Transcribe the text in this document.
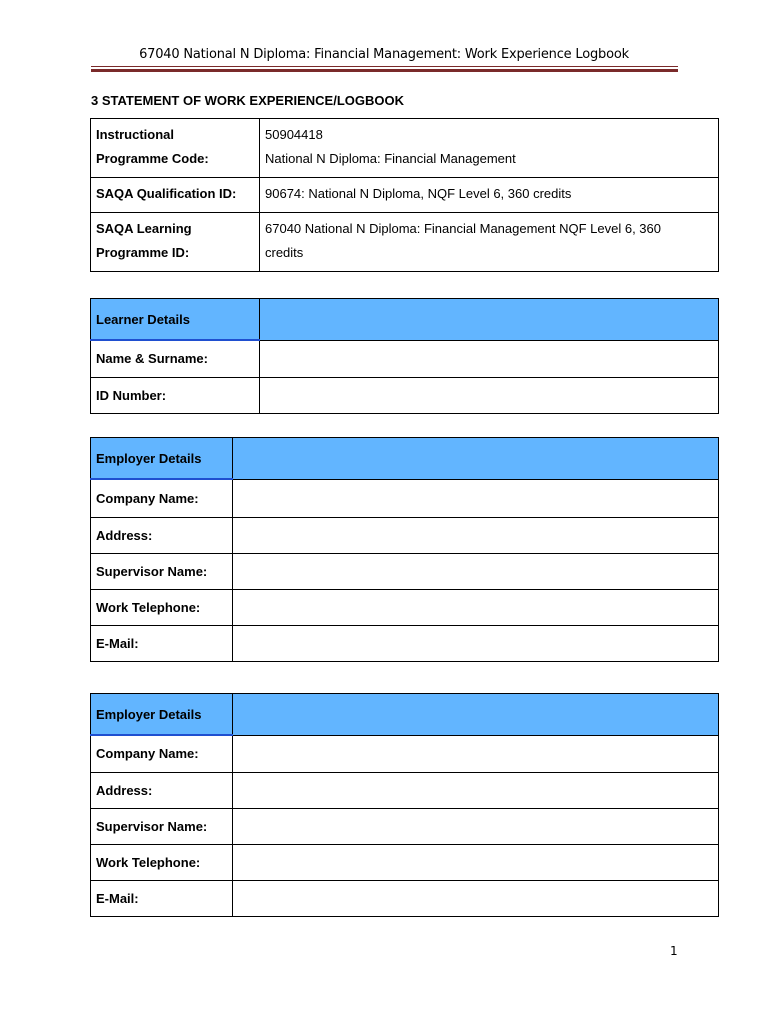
67040 National N Diploma: Financial Management: Work Experience Logbook
3 STATEMENT OF WORK EXPERIENCE/LOGBOOK
Instructional
Programme Code:	50904418
National N Diploma: Financial Management

SAQA Qualification ID:	90674: National N Diploma, NQF Level 6, 360 credits

SAQA Learning
Programme ID:	67040 National N Diploma: Financial Management NQF Level 6, 360
credits
Learner Details	
Name & Surname:	
ID Number:	
Employer Details	
Company Name:	
Address:	
Supervisor Name:	
Work Telephone:	
E-Mail:	
Employer Details	
Company Name:	
Address:	
Supervisor Name:	
Work Telephone:	
E-Mail:	
1
